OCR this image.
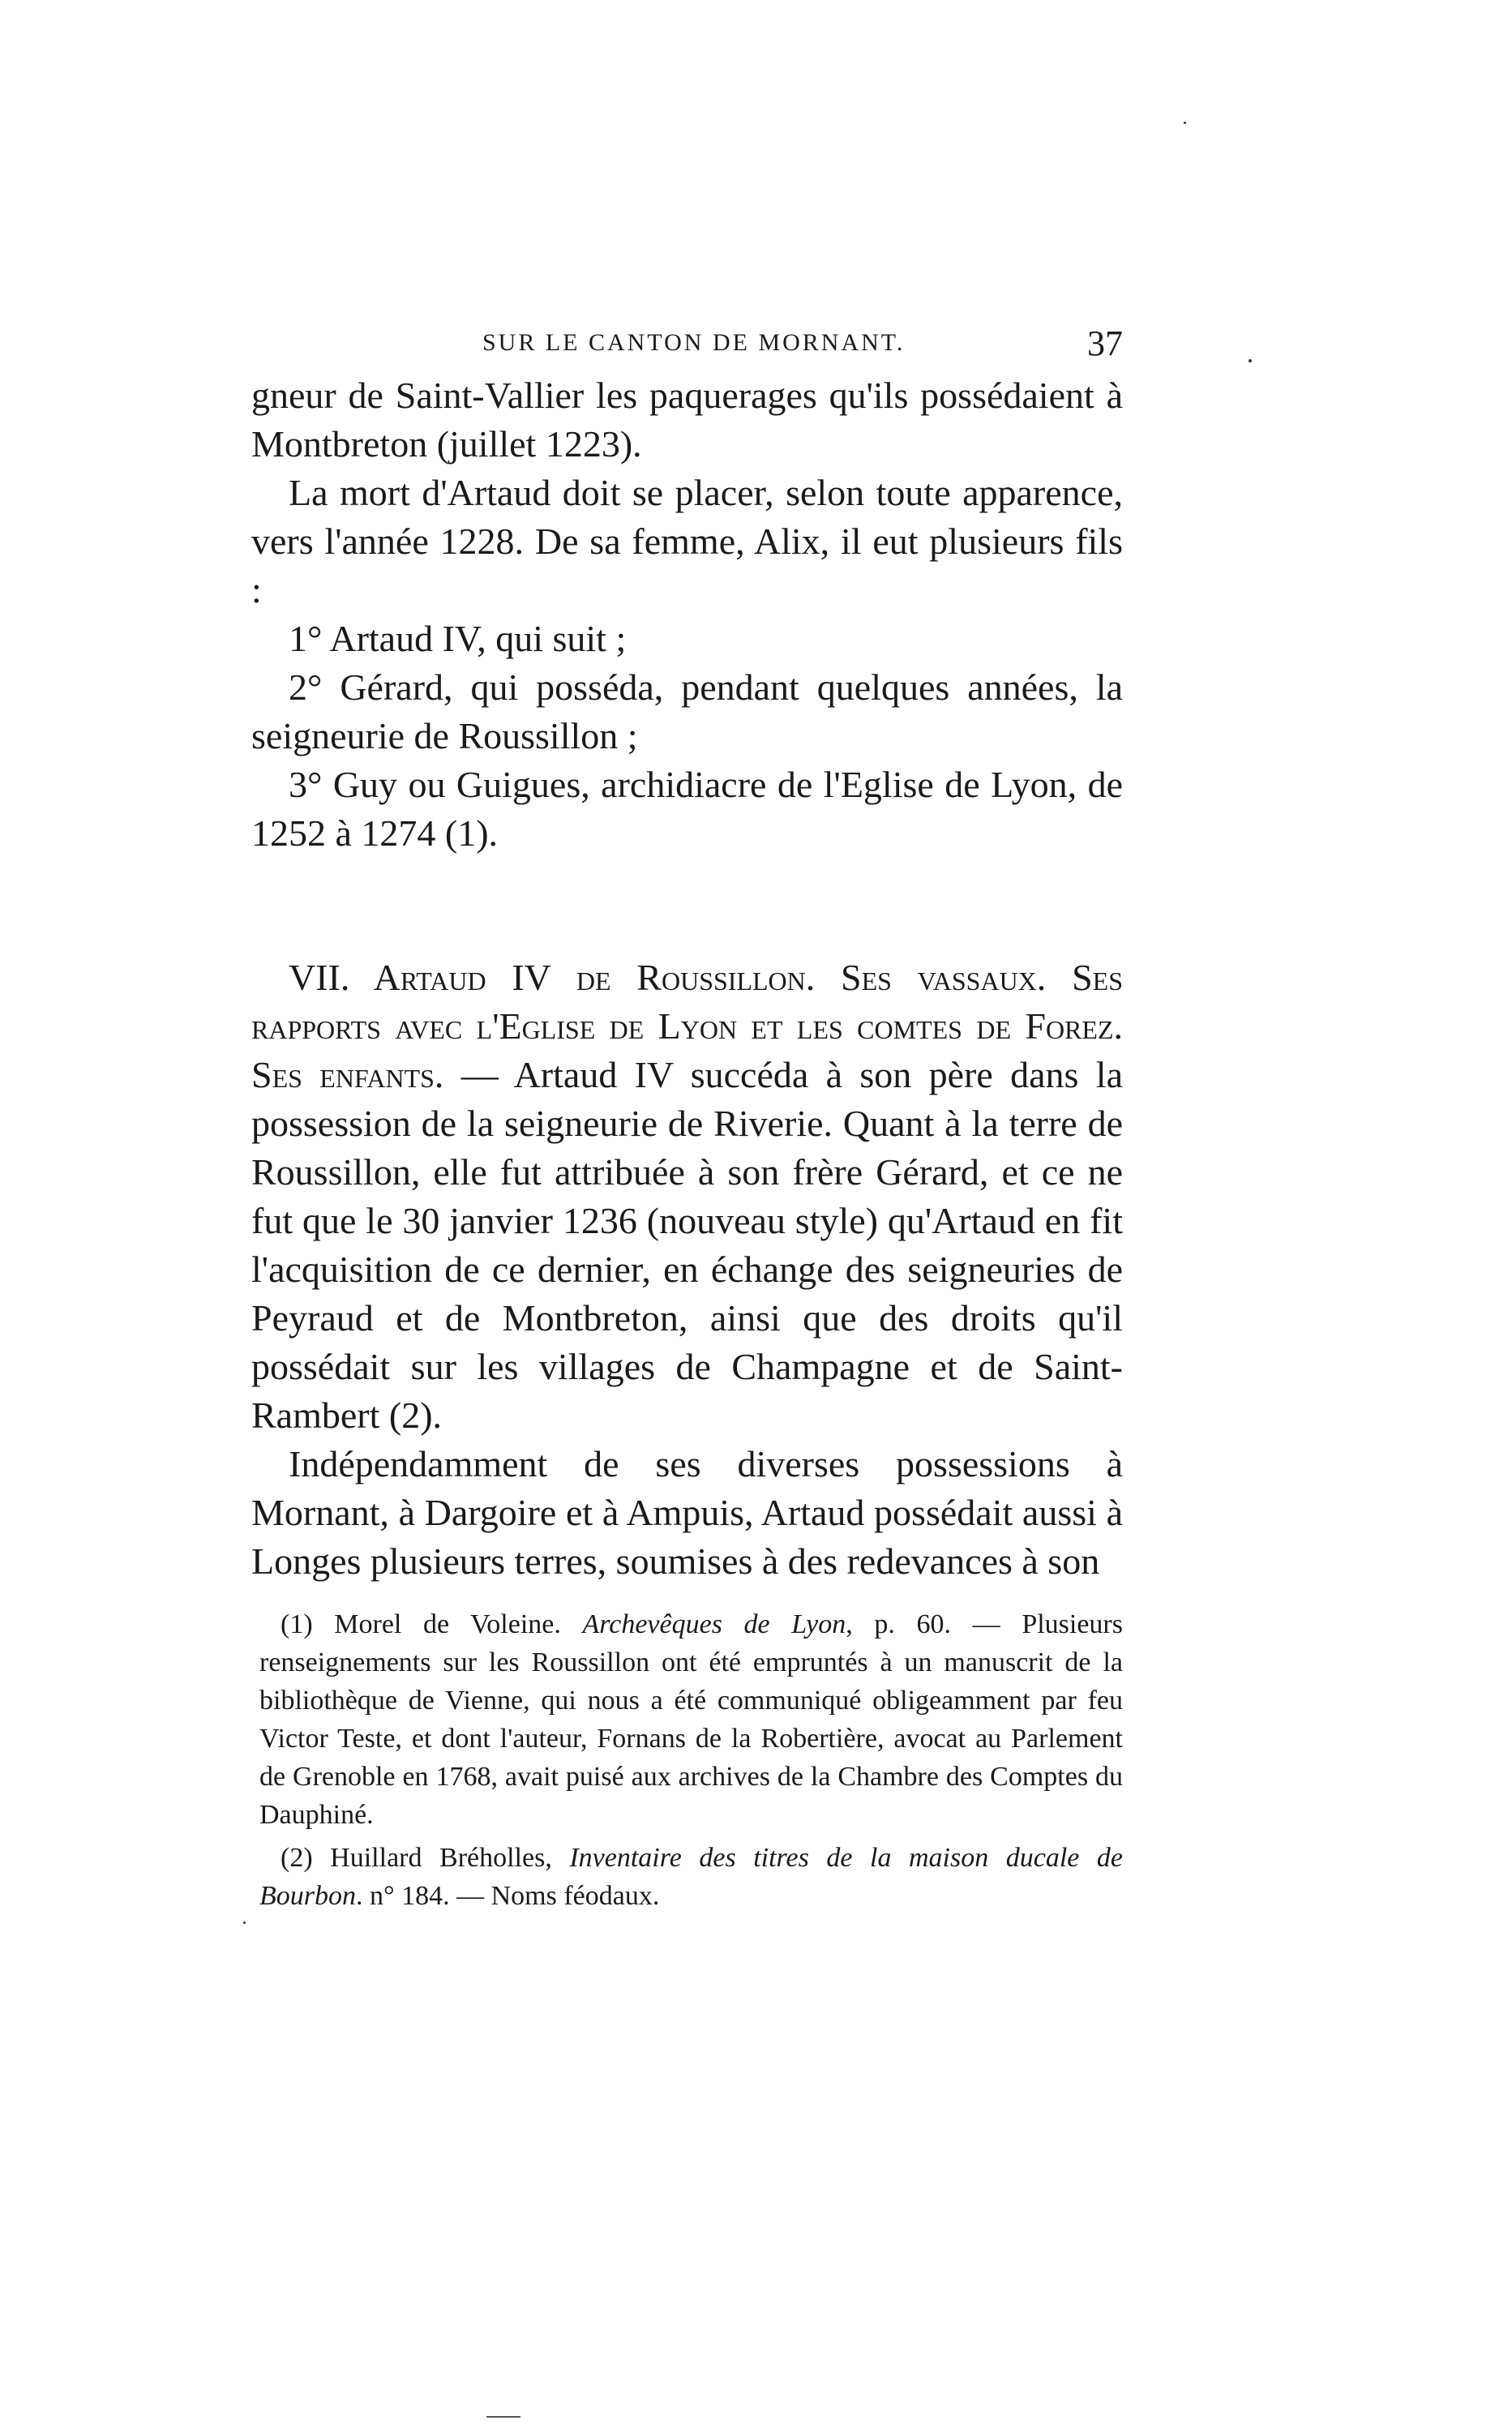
SUR LE CANTON DE MORNANT.	37

gneur de Saint-Vallier les paquerages qu'ils possédaient à Montbreton (juillet 1223).

La mort d'Artaud doit se placer, selon toute apparence, vers l'année 1228. De sa femme, Alix, il eut plusieurs fils :

1° Artaud IV, qui suit ;

2° Gérard, qui posséda, pendant quelques années, la seigneurie de Roussillon ;

3° Guy ou Guigues, archidiacre de l'Eglise de Lyon, de 1252 à 1274 (1).

VII. Artaud IV de Roussillon. Ses vassaux. Ses rapports avec l'Eglise de Lyon et les comtes de Forez. Ses enfants. — Artaud IV succéda à son père dans la possession de la seigneurie de Riverie. Quant à la terre de Roussillon, elle fut attribuée à son frère Gérard, et ce ne fut que le 30 janvier 1236 (nouveau style) qu'Artaud en fit l'acquisition de ce dernier, en échange des seigneuries de Peyraud et de Montbreton, ainsi que des droits qu'il possédait sur les villages de Champagne et de Saint-Rambert (2).

Indépendamment de ses diverses possessions à Mornant, à Dargoire et à Ampuis, Artaud possédait aussi à Longes plusieurs terres, soumises à des redevances à son

(1) Morel de Voleine. Archevêques de Lyon, p. 60. — Plusieurs renseignements sur les Roussillon ont été empruntés à un manuscrit de la bibliothèque de Vienne, qui nous a été communiqué obligeamment par feu Victor Teste, et dont l'auteur, Fornans de la Robertière, avocat au Parlement de Grenoble en 1768, avait puisé aux archives de la Chambre des Comptes du Dauphiné.

(2) Huillard Bréholles, Inventaire des titres de la maison ducale de Bourbon. n° 184. — Noms féodaux.
